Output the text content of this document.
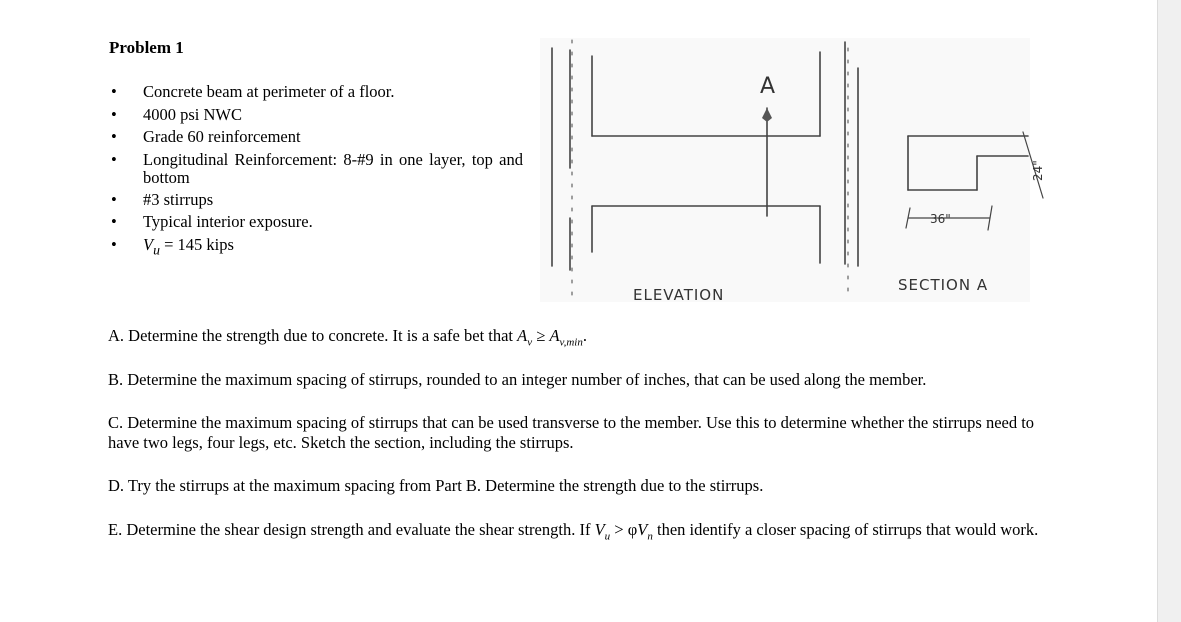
Problem 1
• Concrete beam at perimeter of a floor.
• 4000 psi NWC
• Grade 60 reinforcement
• Longitudinal Reinforcement: 8-#9 in one layer, top and bottom
• #3 stirrups
• Typical interior exposure.
• $V_u = 145$ kips
A
36"
24"
ELEVATION
SECTION A

A. Determine the strength due to concrete. It is a safe bet that $A_v \ge A_{v,min}$.

B. Determine the maximum spacing of stirrups, rounded to an integer number of inches, that can be used along the member.

C. Determine the maximum spacing of stirrups that can be used transverse to the member. Use this to determine whether the stirrups need to have two legs, four legs, etc. Sketch the section, including the stirrups.

D. Try the stirrups at the maximum spacing from Part B. Determine the strength due to the stirrups.

E. Determine the shear design strength and evaluate the shear strength. If $V_u > \varphi V_n$ then identify a closer spacing of stirrups that would work.
